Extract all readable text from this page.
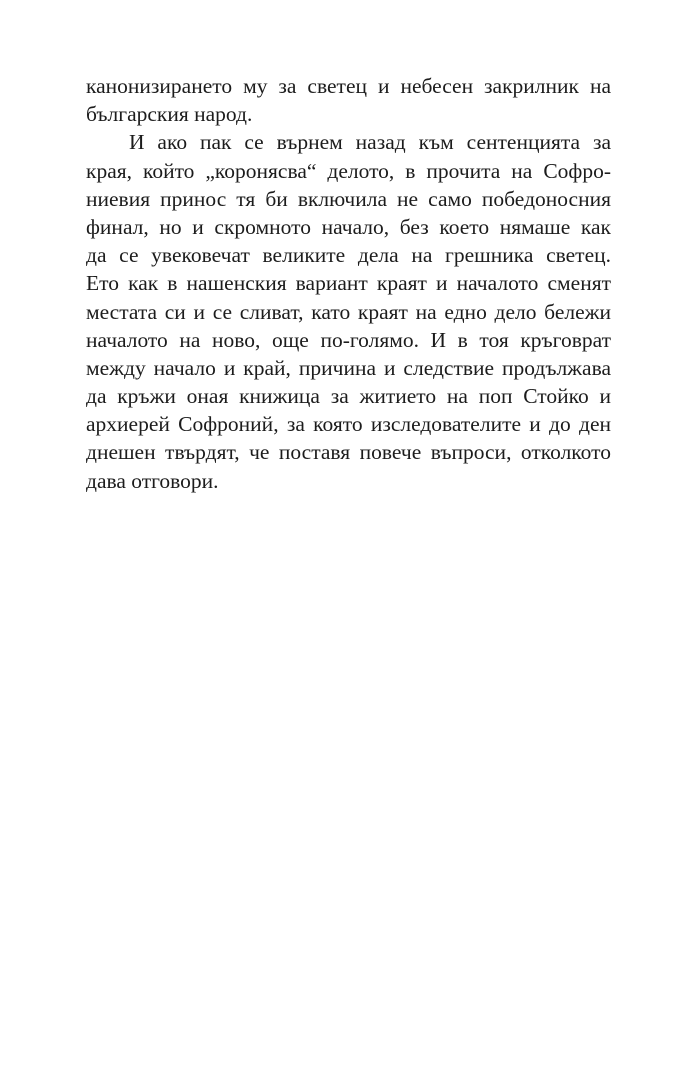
канонизирането му за светец и небесен закрилник на
българския народ.

И ако пак се върнем назад към сентенцията за
края, който „коронясва“ делото, в прочита на Софро-
ниевия принос тя би включила не само победоносния
финал, но и скромното начало, без което нямаше как
да се увековечат великите дела на грешника светец.
Ето как в нашенския вариант краят и началото сменят
местата си и се сливат, като краят на едно дело бележи
началото на ново, още по-голямо. И в тоя кръговрат
между начало и край, причина и следствие продължава
да кръжи оная книжица за житието на поп Стойко и
архиерей Софроний, за която изследователите и до ден
днешен твърдят, че поставя повече въпроси, отколкото
дава отговори.
